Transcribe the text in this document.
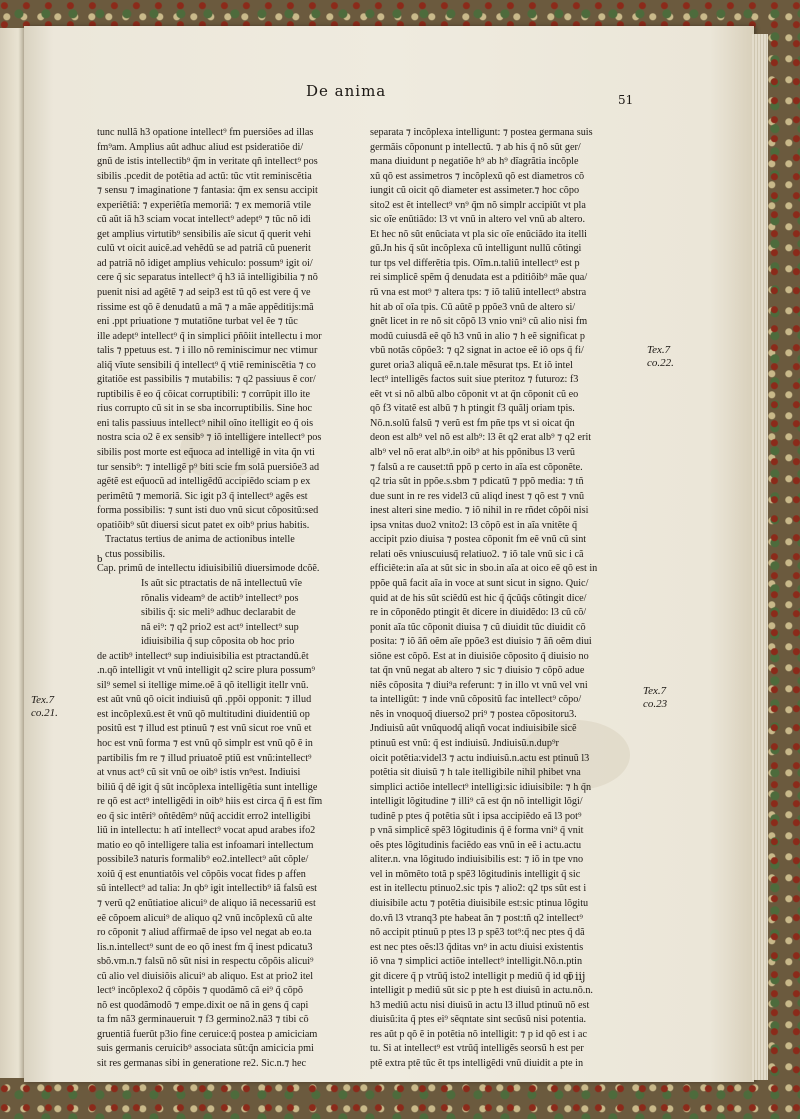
De anima	51
tunc nullã h3 opatione intellect⁹ fm puersiões ad illas
fm⁹am. Amplius aũt adhuc aliud est psideratiõe di/
gnũ de istis intellectib⁹ q̃m in veritate qñ intellect⁹ pos
sibilis .pcedit de potẽtia ad actũ: tũc vtit reminiscẽtia
⁊ sensu ⁊ imaginatione ⁊ fantasia: q̃m ex sensu accipit
experiẽtiã: ⁊ experiẽtĩa memoriã: ⁊ ex memoriã vtile
cũ aũt iã h3 sciam vocat intellect⁹ adept⁹ ⁊ tũc nõ idi
get amplius virtutib⁹ sensibilis aĩe sicut q̃ querit vehi
culũ vt oicit auicẽ.ad vehẽdũ se ad patriã cũ puenerit
ad patriã nõ idiget amplius vehiculo: possum⁹ igit oi/
cere q̃ sic separatus intellect⁹ q̃ h3 iã intelligibilia ⁊ nõ
puenit nisi ad agẽtẽ ⁊ ad seip3 est tũ qõ est vere q̃ ve
rissime est qõ ẽ denudatũ a mã ⁊ a mãe appẽditijs:mã
eni .ppt priuatione ⁊ mutatiõne turbat vel ẽe ⁊ tũc
ille adept⁹ intellect⁹ q̃ in simplici pñõiit intellectu i mor
talis ⁊ ppetuus est. ⁊ i illo nõ reminiscimur nec vtimur
aliq̃ vĩute sensibili q̃ intellect⁹ q̃ vtiẽ reminiscẽtia ⁊ co
gitatiõe est passibilis ⁊ mutabilis: ⁊ q2 passiuus ẽ cor/
ruptibilis ẽ eo q̃ cõicat corruptibili: ⁊ corrũpit illo ite
rius corrupto cũ sit in se sba incorruptibilis. Sine hoc
eni talis passiuus intellect⁹ nihil oĩno itelligit eo q̃ ois
nostra scia o2 ẽ ex sensib⁹ ⁊ iõ intelligere intellect⁹ pos
sibilis post morte est eq̃uoca ad intelligẽ in vita q̃n vti
tur sensib⁹: ⁊ intelligẽ p⁹ biti scie fm solã puersiõe3 ad
agẽtẽ est eq̃uocũ ad intelligẽdũ accipiẽdo sciam p ex
perimẽtũ ⁊ memoriã. Sic igit p3 q̃ intellect⁹ agẽs est
forma possibilis: ⁊ sunt isti duo vnũ sicut cõpositũ:sed
opatiõib⁹ sũt diuersi sicut patet ex oib⁹ prius habitis.
Tractatus tertius de anima de actionibus intelle
ctus possibilis.
Cap. primũ de intellectu idiuisibiliũ diuersimode dcõẽ.
Is aũt sic ptractatis de nã intellectuũ vĩe
rõnalis videam⁹ de actib⁹ intellect⁹ pos
sibilis q̃: sic meli⁹ adhuc declarabit de
nã ei⁹: ⁊ q2 prio2 est act⁹ intellect⁹ sup
idiuisibilia q̃ sup cõposita ob hoc prio
de actib⁹ intellect⁹ sup indiuisibilia est ptractandũ.ẽt
.n.qõ intelligit vt vnũ intelligit q2 scire plura possum⁹
sil⁹ semel si itellige mime.oẽ ã qõ itelligit itellr vnũ.
est aũt vnũ qõ oicit indiuisũ qñ .ppõi opponit: ⁊ illud
est incõplexũ.est ẽt vnũ qõ multitudini diuidentiũ op
positũ est ⁊ illud est ptinuũ ⁊ est vnũ sicut roe vnũ et
hoc est vnũ forma ⁊ est vnũ qõ simplr est vnũ qõ ẽ in
partibilis fm re ⁊ illud priuatoẽ ptiũ est vnũ:intellect⁹
at vnus act⁹ cũ sit vnũ oe oib⁹ istis vn⁹est. Indiuisi
biliũ q̃ dẽ igit q̃ sũt incõplexa intelligẽtia sunt intellige
re qõ est act⁹ intelligẽdi in oib⁹ hiis est circa q̃ ñ est fĩm
eo q̃ sic intẽri⁹ oñtẽdẽm⁹ nũq̃ accidit erro2 intelligibi
liũ in intellectu: h atĩ intellect⁹ vocat apud arabes ifo2
matio eo qõ intelligere talia est infoamari intellectum
possibile3 naturis formalib⁹ eo2.intellect⁹ aũt cõple/
xoiũ q̃ est enuntiatõis vel cõpõis vocat fides p affen
sũ intellect⁹ ad talia: Jn qb⁹ igit intellectib⁹ iã falsũ est
⁊ verũ q2 enũtiatioe alicui⁹ de aliquo iã necessariũ est
eẽ cõpoem alicui⁹ de aliquo q2 vnũ incõplexũ cũ alte
ro cõponit ⁊ aliud affirmaẽ de ipso vel negat ab eo.ta
lis.n.intellect⁹ sunt de eo qõ inest fm q̃ inest pdicatu3
sbõ.vm.n.⁊ falsũ nõ sũt nisi in respectu cõpõis alicui⁹
cũ alio vel diuisiõis alicui⁹ ab aliquo. Est at prio2 itel
lect⁹ incõplexo2 q̃ cõpõis ⁊ quodãmõ cã ei⁹ q̃ cõpõ
nõ est quodãmodõ ⁊ empe.dixit oe nã in gens q̃ capi
ta fm nã3 germinaueruit ⁊ f3 germino2.nã3 ⁊ tibi cõ
gruentiã fuerũt p3io fine ceruice:q̃ postea p amiciciam
suis germanis ceruicib⁹ associata sũt:q̃n amicicia pmi
sit res germanas sibi in generatione re2. Sic.n.⁊ hec
b
separata ⁊ incõplexa intelligunt: ⁊ postea germana suis
germãis cõponunt p intellectũ. ⁊ ab his q̃ nõ sũt ger/
mana diuidunt p negatiõe h⁹ ab h⁹ dĩagrãtia incõple
xũ qõ est assimetros ⁊ incõplexũ qõ est diametros cõ
iungit cũ oicit qõ diameter est assimeter.⁊ hoc cõpo
sito2 est ẽt intellect⁹ vn⁹ q̃m nõ simplr accipiũt vt pla
sic oĩe enũtiãdo: l3 vt vnũ in altero vel vnũ ab altero.
Et hec nõ sũt enũciata vt pla sic oĩe enũciãdo ita itelli
gũ.Jn his q̃ sũt incõplexa cũ intelligunt nullũ cõtingi
tur tps vel differẽtia tpis. Oĩm.n.taliũ intellect⁹ est p
rei simplicẽ spẽm q̃ denudata est a pditiõib⁹ mãe qua/
rũ vna est mot⁹ ⁊ altera tps: ⁊ iõ taliũ intellect⁹ abstra
hit ab oĩ oĩa tpis. Cũ aũtẽ p ppõe3 vnũ de altero si/
gnẽt licet in re nõ sit cõpõ l3 vnio vni⁹ cũ alio nisi fm
modũ cuiusdã eẽ qõ h3 vnũ in alio ⁊ h eẽ significat p
vbũ notãs cõpõe3: ⁊ q2 signat in actoe eẽ iõ ops q̃ fi/
guret oria3 aliquã eẽ.n.tale mẽsurat tps. Et iõ intel
lect⁹ intelligẽs factos suit siue pteritoz ⁊ futuroz: f3
eẽt vt si nõ albũ albo cõponit vt at q̃n cõponit cũ eo
qõ f3 vitatẽ est albũ ⁊ h ptingit f3 quãlj oriam tpis.
Nõ.n.solũ falsũ ⁊ verũ est fm pñe tps vt si oicat q̃n
deon est alb⁹ vel nõ est alb⁹: l3 ẽt q2 erat alb⁹ ⁊ q2 erit
alb⁹ vel nõ erat alb⁹.in oib⁹ at his ppõnibus l3 verũ
⁊ falsũ a re causet:tñ ppõ p certo in aĩa est cõponẽte.
q2 tria sũt in ppõe.s.sbm ⁊ pdicatũ ⁊ ppõ media: ⁊ tñ
due sunt in re res videl3 cũ aliqd inest ⁊ qõ est ⁊ vnũ
inest alteri sine medio. ⁊ iõ nihil in re rñdet cõpõi nisi
ipsa vnitas duo2 vnito2: l3 cõpõ est in aĩa vnitẽte q̃
accipit pzio diuisa ⁊ postea cõponit fm eẽ vnũ cũ sint
relati oẽs vniuscuiusq̃ relatiuo2. ⁊ iõ tale vnũ sic i cã
efficiẽte:in aĩa at sũt sic in sbo.in aĩa at oico eẽ qõ est in
ppõe quã facit aĩa in voce at sunt sicut in signo. Quic/
quid at de his sũt sciẽdũ est hic q̃ q̃cũq̃s cõtingit dice/
re in cõponẽdo ptingit ẽt dicere in diuidẽdo: l3 cũ cõ/
ponit aĩa tũc cõponit diuisa ⁊ cũ diuidit tũc diuidit cõ
posita: ⁊ iõ ãñ oẽm aĩe ppõe3 est diuisio ⁊ ãñ oẽm diui
siõne est cõpõ. Est at in diuisiõe cõposito q̃ diuisio no
tat q̃n vnũ negat ab altero ⁊ sic ⁊ diuisio ⁊ cõpõ adue
niẽs cõposita ⁊ diui⁹a referunt: ⁊ in illo vt vnũ vel vni
ta intelligũt: ⁊ inde vnũ cõpositũ fac intellect⁹ cõpo/
nẽs in vnoquoq̃ diuerso2 pri⁹ ⁊ postea cõpositoru3.
Jndiuisũ aũt vnũquodq̃ aliqñ vocat indiuisibile sicẽ
ptinuũ est vnũ: q̃ est indiuisũ. Jndiuisũ.n.dup⁹r
oicit potẽtia:videl3 ⁊ actu indiuisũ.n.actu est ptinuũ l3
potẽtia sit diuisũ ⁊ h tale itelligibile nihil phibet vna
simplici actiõe intellect⁹ intelligi:sic idiuisibile: ⁊ h q̃n
intelligit lõgitudine ⁊ illi⁹ cã est q̃n nõ intelligit lõgi/
tudinẽ p ptes q̃ potẽtia sũt i ipsa accipiẽdo eã l3 pot⁹
p vnã simplicẽ spẽ3 lõgitudinis q̃ ẽ forma vni⁹ q̃ vnit
oẽs ptes lõgitudinis faciẽdo eas vnũ in eẽ i actu.actu
aliter.n. vna lõgitudo indiuisibilis est: ⁊ iõ in tpe vno
vel in mõmẽto totã p spẽ3 lõgitudinis intelligit q̃ sic
est in itellectu ptinuo2.sic tpis ⁊ alio2: q2 tps sũt est i
diuisibile actu ⁊ potẽtia diuisibile est:sic ptinua lõgitu
do.vñ l3 vtranq3 pte habeat ãn ⁊ post:tñ q2 intellect⁹
nõ accipit ptinuũ p ptes l3 p spẽ3 tot⁹:q̃ nec ptes q̃ dã
est nec ptes oẽs:l3 q̃ditas vn⁹ in actu diuisi existentis
iõ vna ⁊ simplici actiõe intellect⁹ intelligit.Nõ.n.ptin
git dicere q̃ p vtrũq̃ isto2 intelligit p mediũ q̃ id qõ
intelligit p mediũ sũt sic p pte h est diuisũ in actu.nõ.n.
h3 mediũ actu nisi diuisũ in actu l3 illud ptinuũ nõ est
diuisũ:ita q̃ ptes ei⁹ sẽqntate sint secũsũ nisi potentia.
res aũt p qõ ẽ in potẽtia nõ intelligit: ⁊ p id qõ est i ac
tu. Si at intellect⁹ est vtrũq̃ intelligẽs seorsũ h est per
ptẽ extra ptẽ tũc ẽt tps intelligẽdi vnũ diuidit a pte in
Tex.7
co.22.
Tex.7
co.23
Tex.7
co.21.
i iij
